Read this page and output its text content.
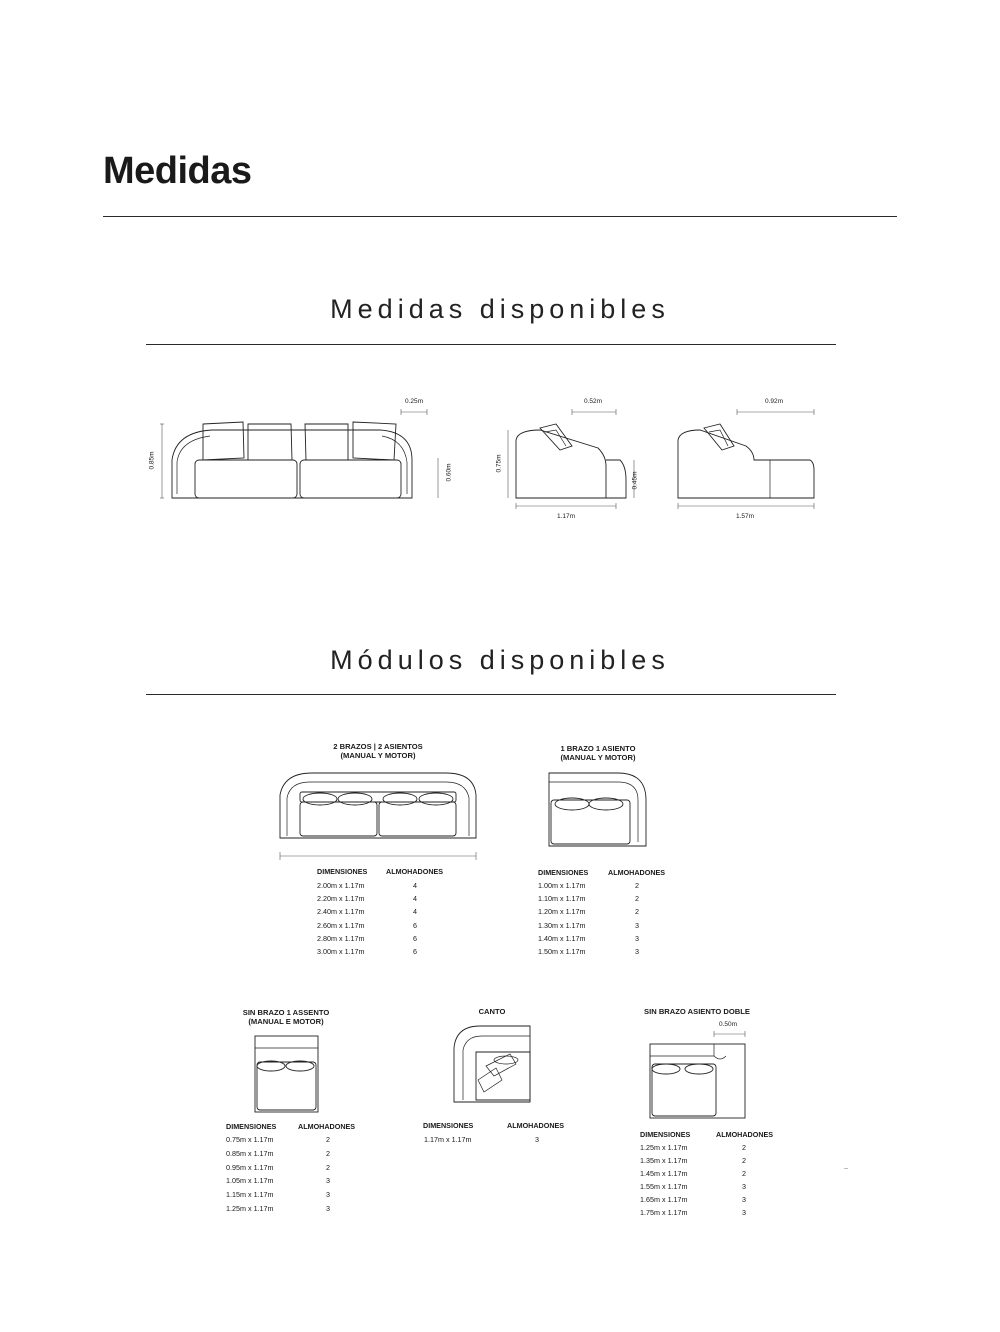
Medidas
Medidas disponibles
0.85m
0.25m
0.60m	0.75m
0.52m
0.45m
1.17m
0.92m
1.57m
Módulos disponibles
2 BRAZOS | 2 ASIENTOS
(MANUAL Y MOTOR)
DIMENSIONES	ALMOHADONES
2.00m x 1.17m	4
2.20m x 1.17m	4
2.40m x 1.17m	4
2.60m x 1.17m	6
2.80m x 1.17m	6
3.00m x 1.17m	6
1 BRAZO 1 ASIENTO
(MANUAL Y MOTOR)
DIMENSIONES	ALMOHADONES
1.00m x 1.17m	2
1.10m x 1.17m	2
1.20m x 1.17m	2
1.30m x 1.17m	3
1.40m x 1.17m	3
1.50m x 1.17m	3
SIN BRAZO 1 ASSENTO
(MANUAL E MOTOR)
DIMENSIONES	ALMOHADONES
0.75m x 1.17m	2
0.85m x 1.17m	2
0.95m x 1.17m	2
1.05m x 1.17m	3
1.15m x 1.17m	3
1.25m x 1.17m	3
CANTO
DIMENSIONES	ALMOHADONES
1.17m x 1.17m	3
SIN BRAZO ASIENTO DOBLE
0.50m
DIMENSIONES	ALMOHADONES
1.25m x 1.17m	2
1.35m x 1.17m	2
1.45m x 1.17m	2
1.55m x 1.17m	3
1.65m x 1.17m	3
1.75m x 1.17m	3
--
